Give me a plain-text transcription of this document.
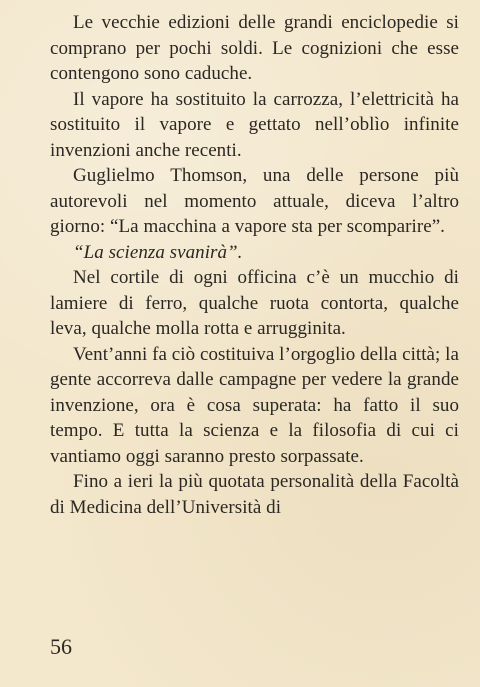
Le vecchie edizioni delle grandi enciclopedie si comprano per pochi soldi. Le cognizioni che esse contengono sono caduche.

Il vapore ha sostituito la carrozza, l’elettricità ha sostituito il vapore e gettato nell’oblìo infinite invenzioni anche recenti.

Guglielmo Thomson, una delle persone più autorevoli nel momento attuale, diceva l’altro giorno: “La macchina a vapore sta per scomparire”.

“La scienza svanirà”.

Nel cortile di ogni officina c’è un mucchio di lamiere di ferro, qualche ruota contorta, qualche leva, qualche molla rotta e arrugginita.

Vent’anni fa ciò costituiva l’orgoglio della città; la gente accorreva dalle campagne per vedere la grande invenzione, ora è cosa superata: ha fatto il suo tempo. E tutta la scienza e la filosofia di cui ci vantiamo oggi saranno presto sorpassate.

Fino a ieri la più quotata personalità della Facoltà di Medicina dell’Università di

56
